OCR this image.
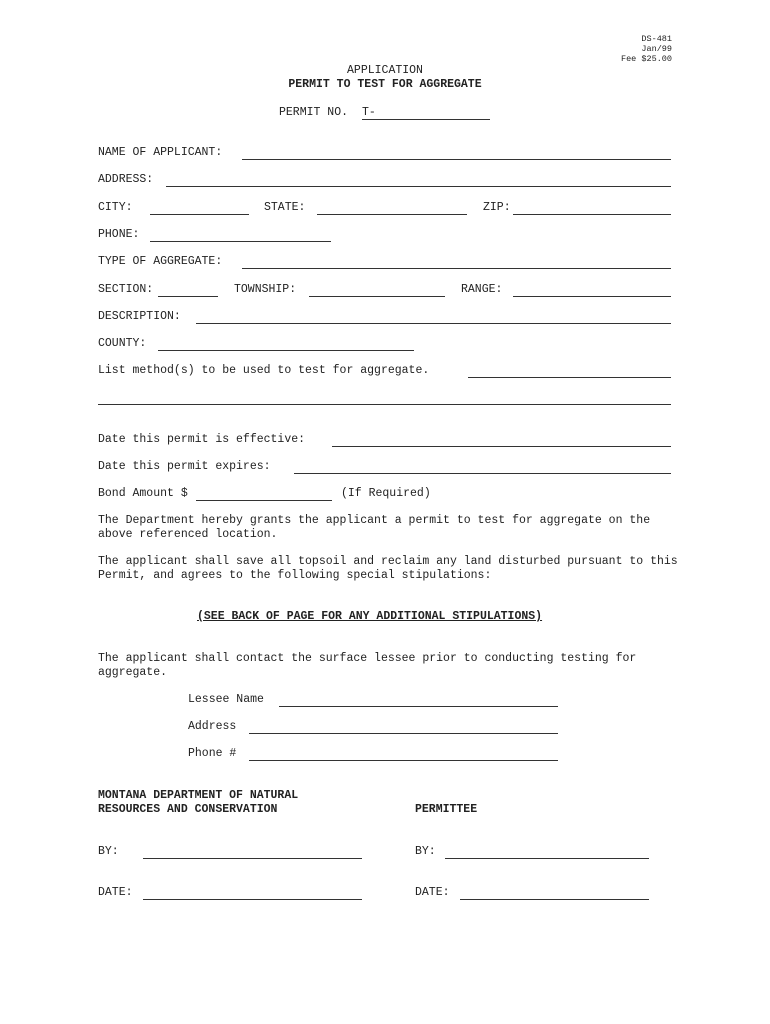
DS-481
Jan/99
Fee $25.00
APPLICATION
PERMIT TO TEST FOR AGGREGATE
PERMIT NO. T-
NAME OF APPLICANT:
ADDRESS:
CITY:	STATE:	ZIP:
PHONE:
TYPE OF AGGREGATE:
SECTION:	TOWNSHIP:	RANGE:
DESCRIPTION:
COUNTY:
List method(s) to be used to test for aggregate.
Date this permit is effective:
Date this permit expires:
Bond Amount $	(If Required)
The Department hereby grants the applicant a permit to test for aggregate on the above referenced location.
The applicant shall save all topsoil and reclaim any land disturbed pursuant to this Permit, and agrees to the following special stipulations:
(SEE BACK OF PAGE FOR ANY ADDITIONAL STIPULATIONS)
The applicant shall contact the surface lessee prior to conducting testing for aggregate.
Lessee Name
Address
Phone #
MONTANA DEPARTMENT OF NATURAL
RESOURCES AND CONSERVATION	PERMITTEE
BY:	BY:
DATE:	DATE:
